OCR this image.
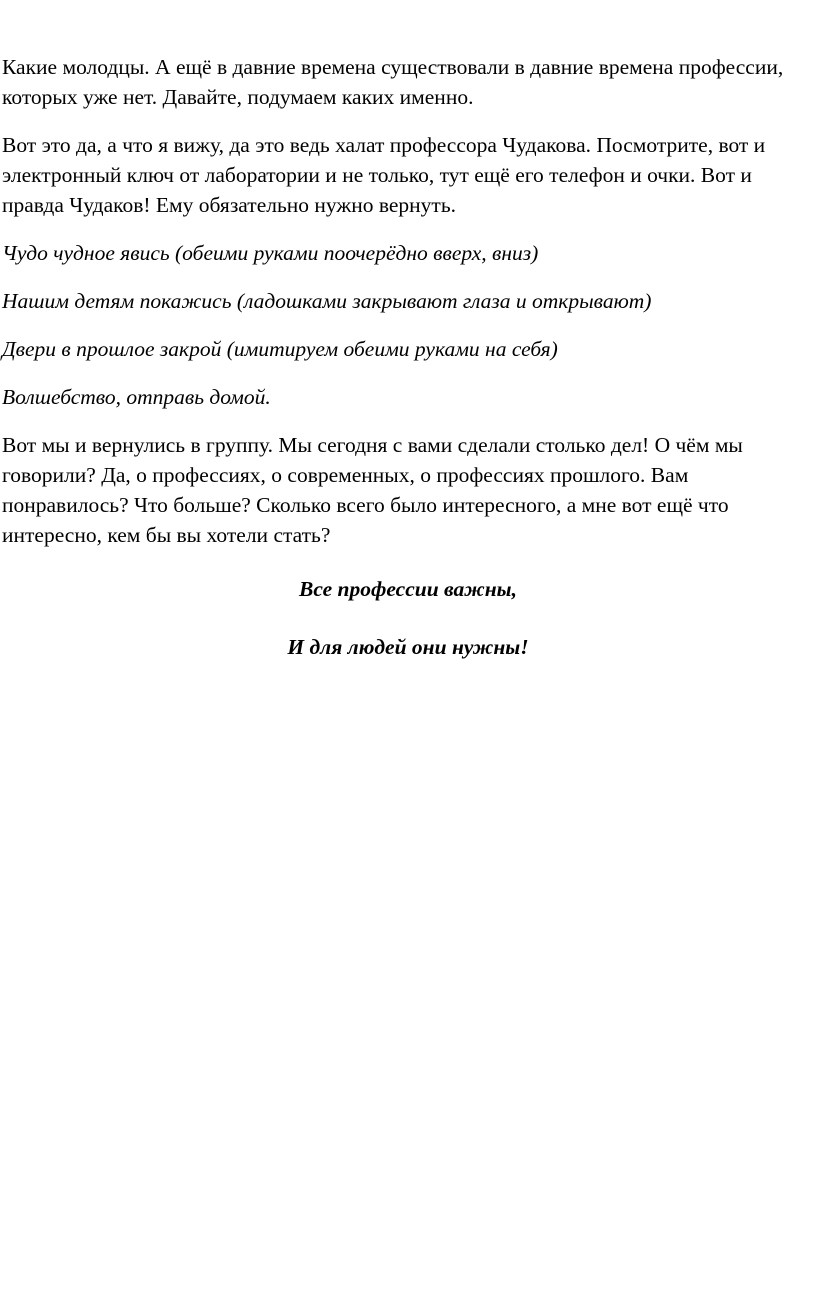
Какие молодцы. А ещё в давние времена существовали в давние времена профессии, которых уже нет. Давайте, подумаем каких именно.

Вот это да, а что я вижу, да это ведь халат профессора Чудакова. Посмотрите, вот и электронный ключ от лаборатории и не только, тут ещё его телефон и очки. Вот и правда Чудаков! Ему обязательно нужно вернуть.

Чудо чудное явись (обеими руками поочерёдно вверх, вниз)

Нашим детям покажись (ладошками закрывают глаза и открывают)

Двери в прошлое закрой (имитируем обеими руками на себя)

Волшебство, отправь домой.

Вот мы и вернулись в группу. Мы сегодня с вами сделали столько дел! О чём мы говорили? Да, о профессиях, о современных, о профессиях прошлого. Вам понравилось? Что больше? Сколько всего было интересного, а мне вот ещё что интересно, кем бы вы хотели стать?

Все профессии важны,

И для людей они нужны!
